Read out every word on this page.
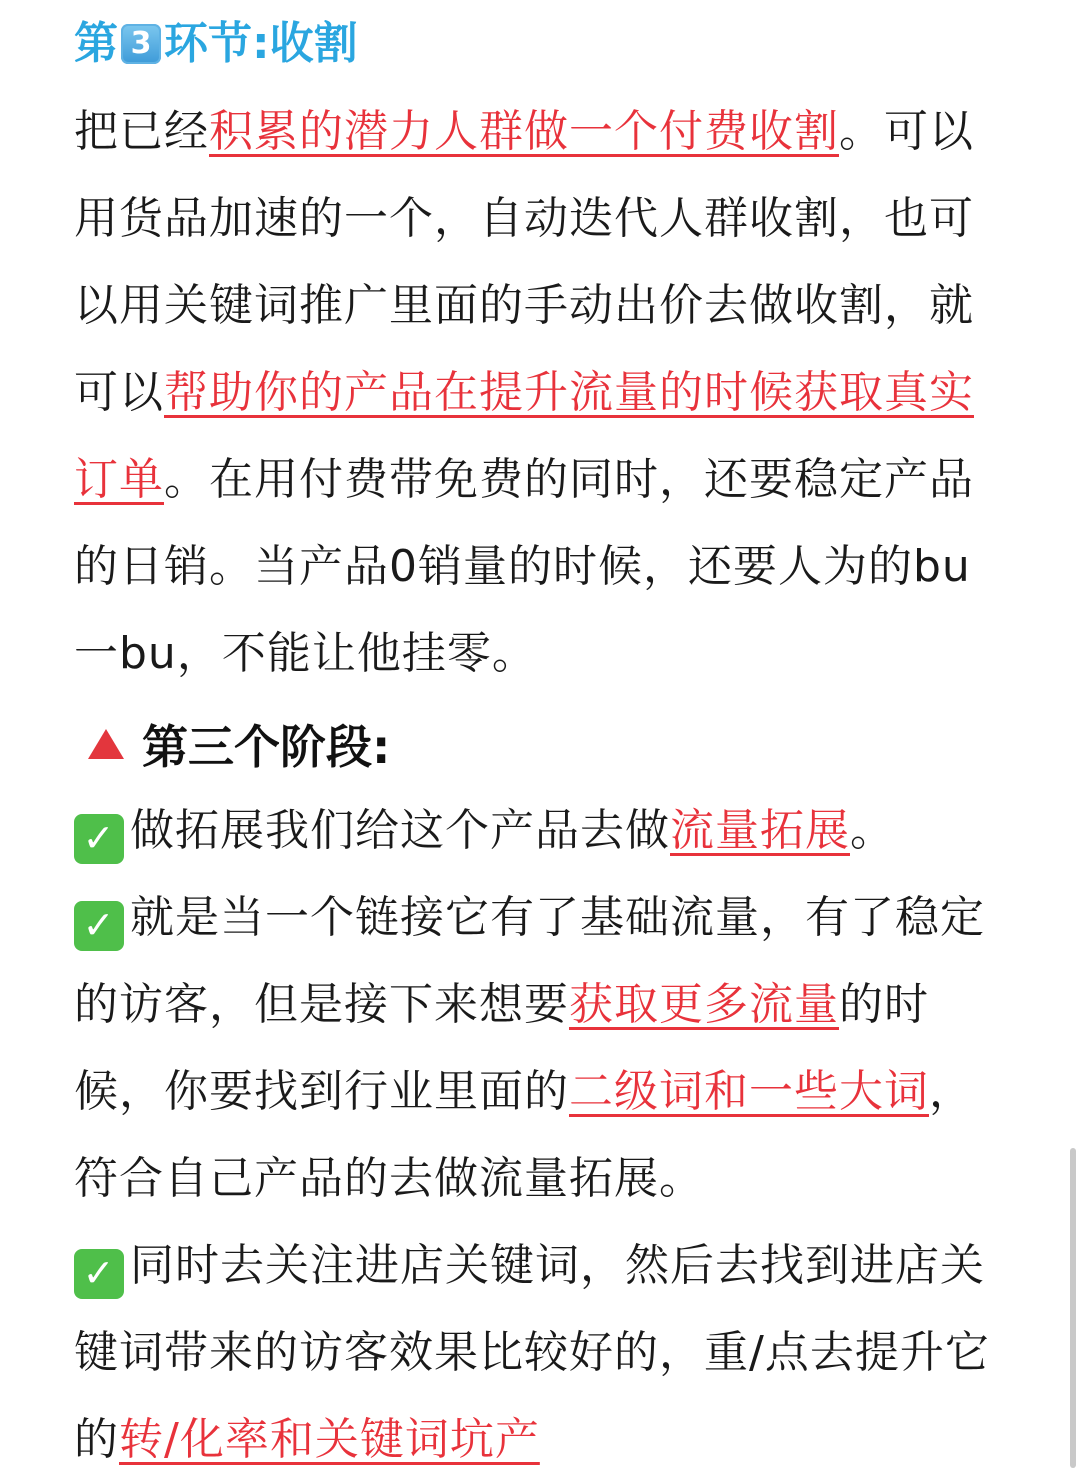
第 3 环节:收割

把已经积累的潜力人群做一个付费收割。可以用货品加速的一个，自动迭代人群收割，也可以用关键词推广里面的手动出价去做收割，就可以帮助你的产品在提升流量的时候获取真实订单。在用付费带免费的同时，还要稳定产品的日销。当产品0销量的时候，还要人为的bu一bu，不能让他挂零。

第三个阶段:

✓ 做拓展我们给这个产品去做流量拓展。

✓ 就是当一个链接它有了基础流量，有了稳定的访客，但是接下来想要获取更多流量的时候，你要找到行业里面的二级词和一些大词，符合自己产品的去做流量拓展。

✓ 同时去关注进店关键词，然后去找到进店关键词带来的访客效果比较好的，重/点去提升它的转/化率和关键词坑产
